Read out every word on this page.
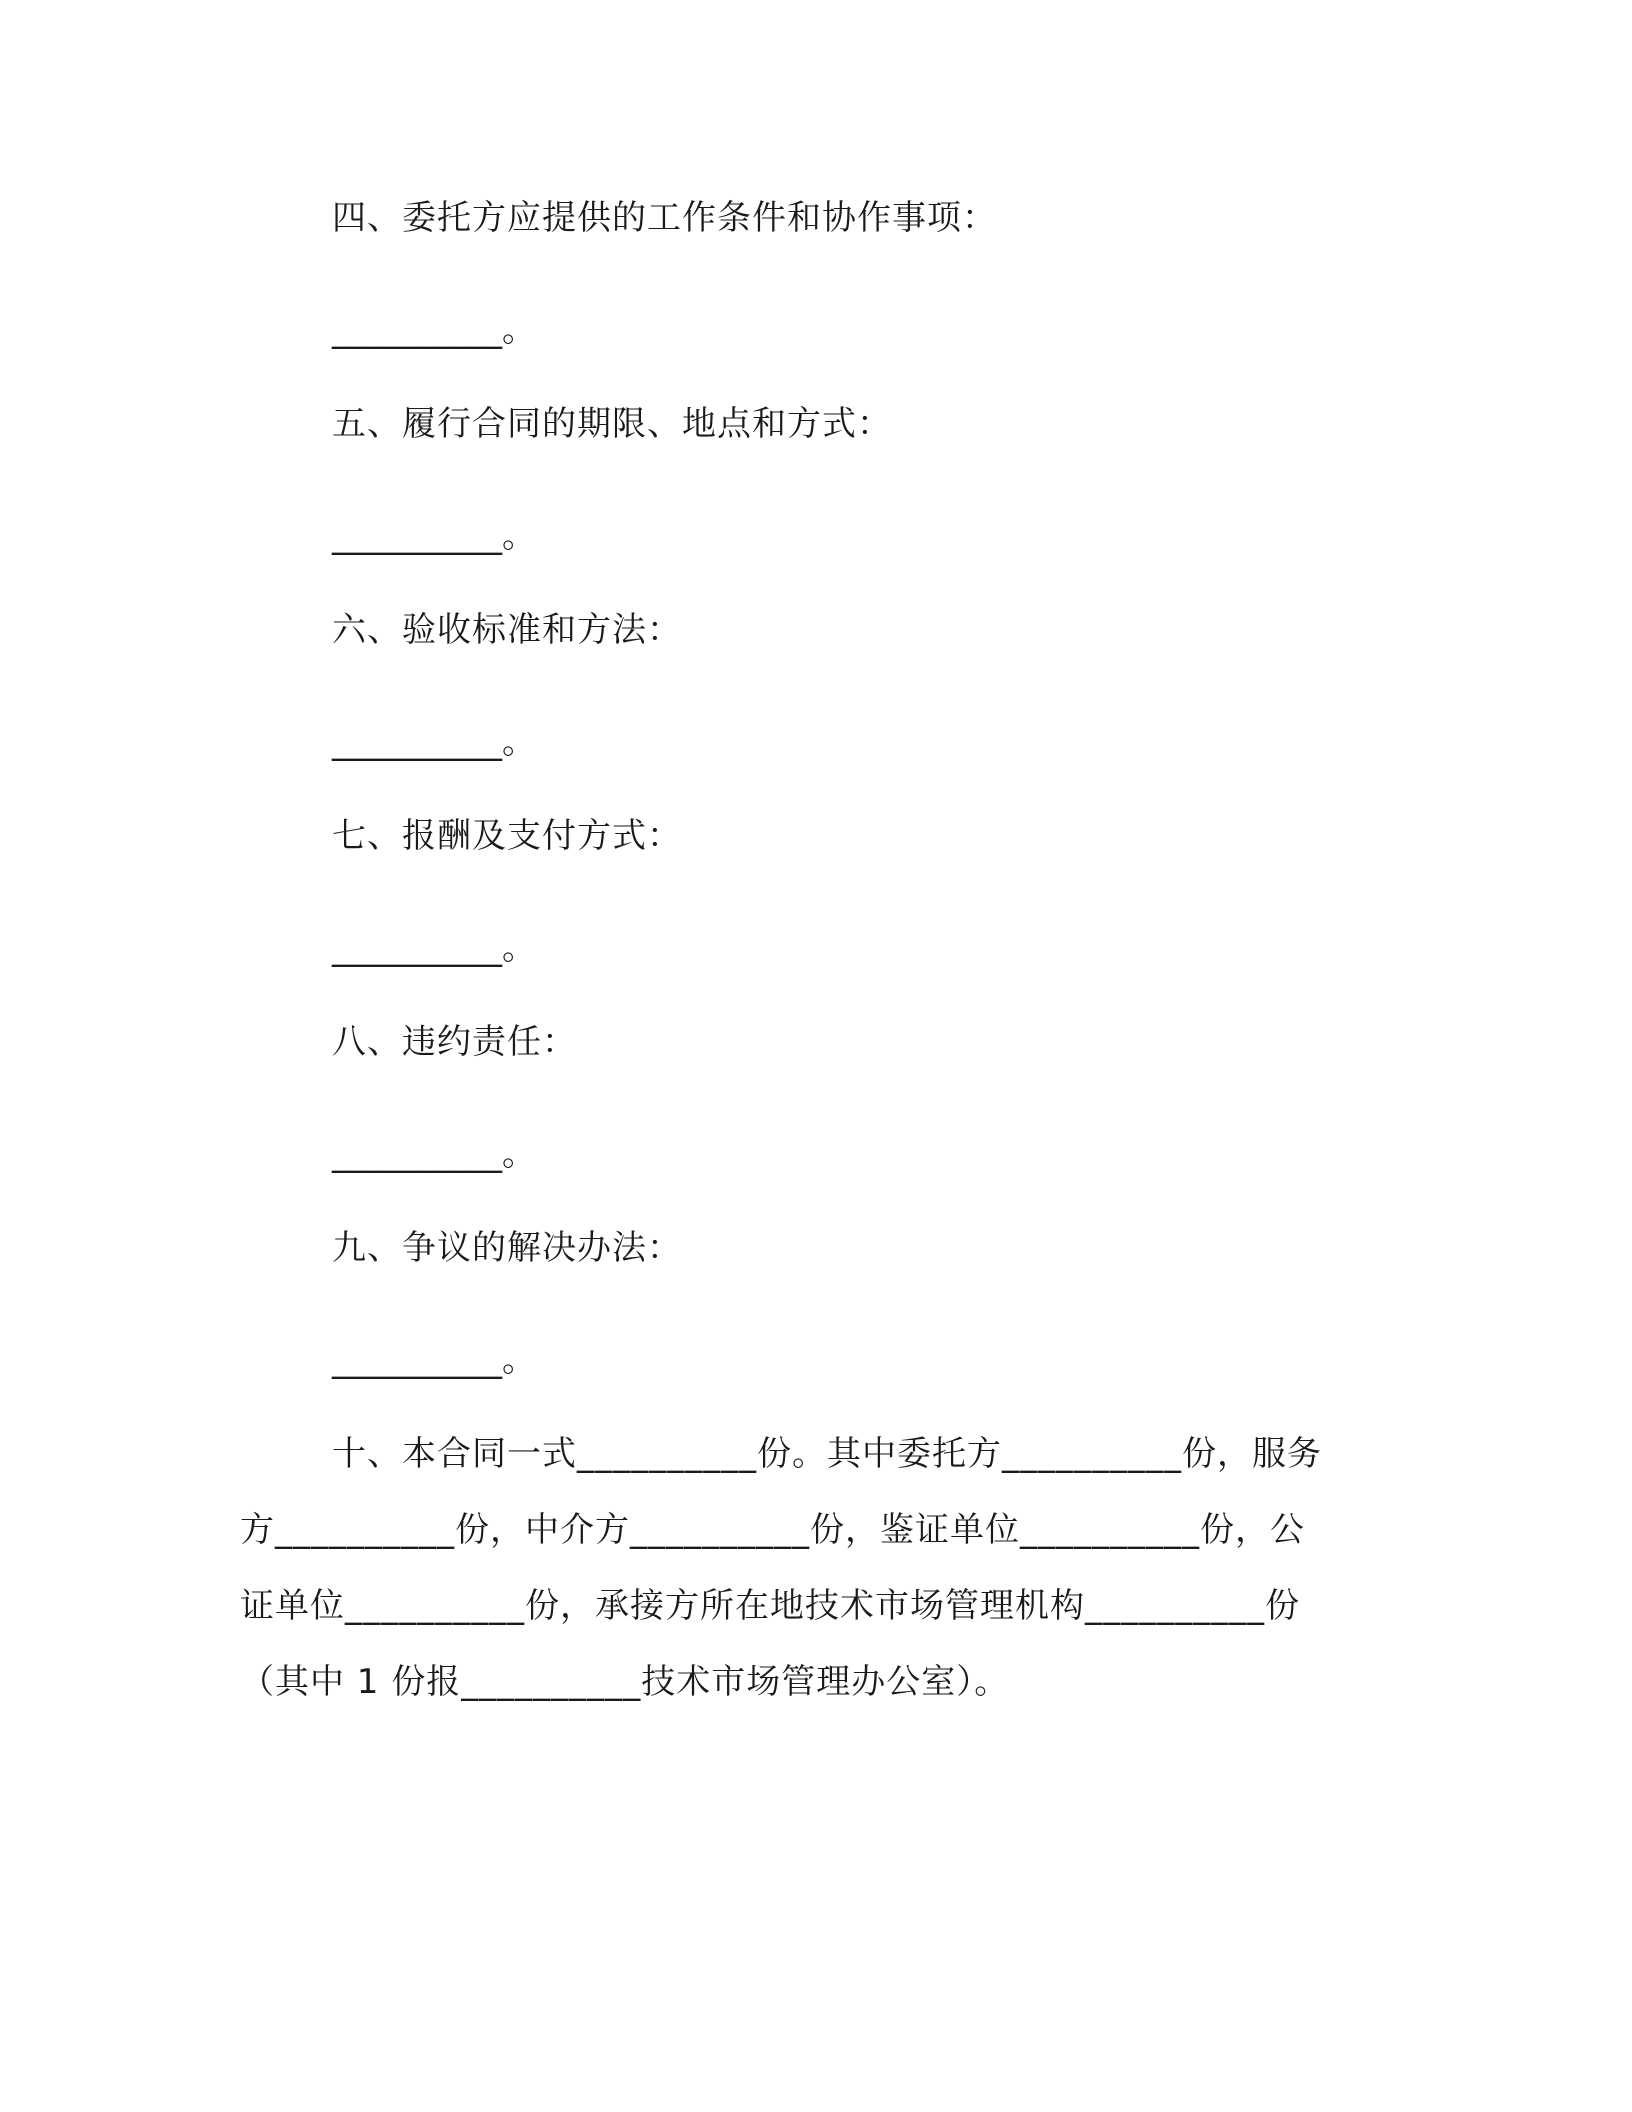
四、委托方应提供的工作条件和协作事项：

__________。

五、履行合同的期限、地点和方式：

__________。

六、验收标准和方法：

__________。

七、报酬及支付方式：

__________。

八、违约责任：

__________。

九、争议的解决办法：

__________。

十、本合同一式__________份。其中委托方__________份，服务

方__________份，中介方__________份，鉴证单位__________份，公

证单位__________份，承接方所在地技术市场管理机构__________份

（其中 1 份报__________技术市场管理办公室）。
